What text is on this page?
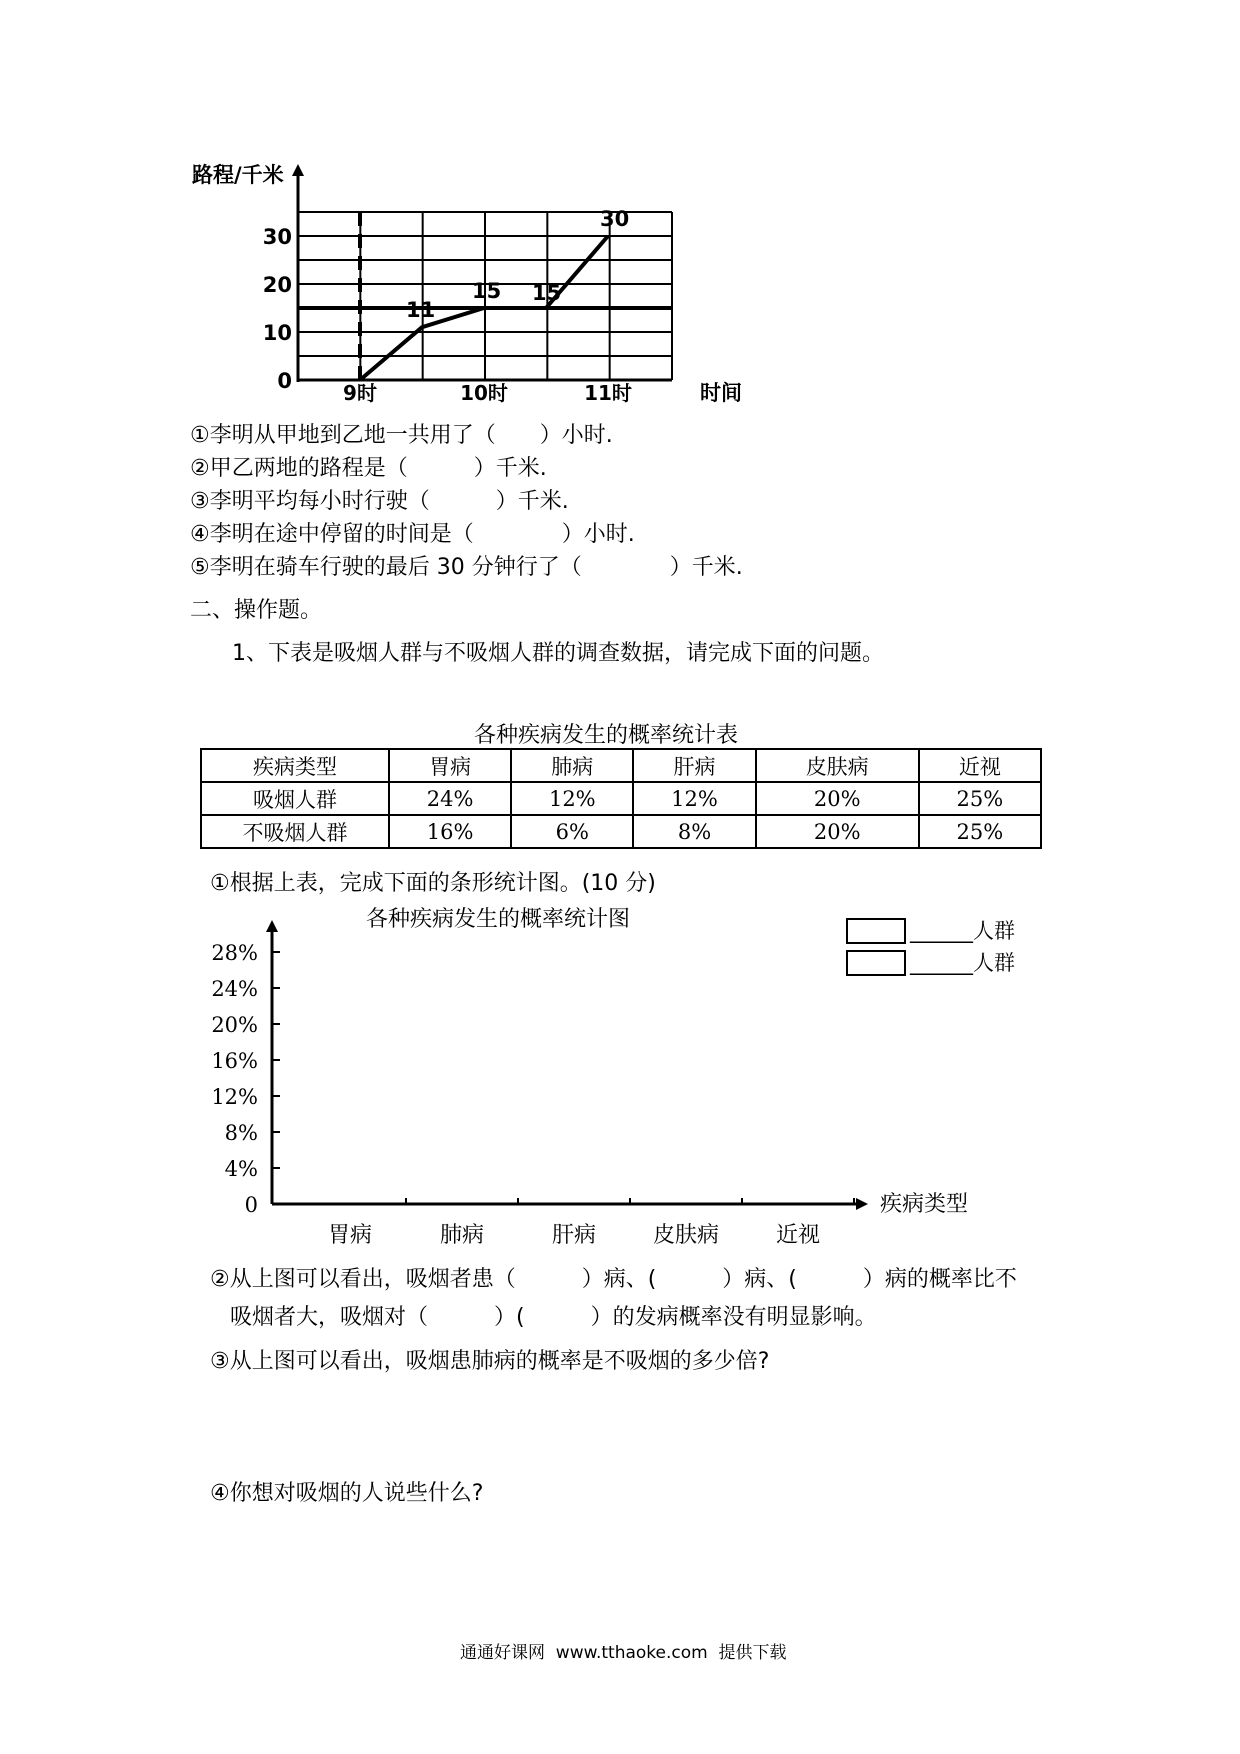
路程/千米
时间
0
10
20
30
9时	10时	11时
11
15 15
30
①李明从甲地到乙地一共用了（　　）小时.
②甲乙两地的路程是（　　　）千米.
③李明平均每小时行驶（　　　）千米.
④李明在途中停留的时间是（　　　　）小时.
⑤李明在骑车行驶的最后 30 分钟行了（　　　　）千米.
二、操作题。
1、下表是吸烟人群与不吸烟人群的调查数据，请完成下面的问题。
各种疾病发生的概率统计表
疾病类型	胃病	肺病	肝病	皮肤病	近视
吸烟人群	24%	12%	12%	20%	25%
不吸烟人群	16%	6%	8%	20%	25%
①根据上表，完成下面的条形统计图。(10 分)
各种疾病发生的概率统计图	______人群
______人群
0
4%
8%
12%
16%
20%
24%
28%
胃病	肺病	肝病	皮肤病	近视
疾病类型
②从上图可以看出，吸烟者患（　　　）病、(　　　）病、(　　　）病的概率比不
吸烟者大，吸烟对（　　　）(　　　）的发病概率没有明显影响。
③从上图可以看出，吸烟患肺病的概率是不吸烟的多少倍?
④你想对吸烟的人说些什么?
通通好课网  www.tthaoke.com  提供下载
